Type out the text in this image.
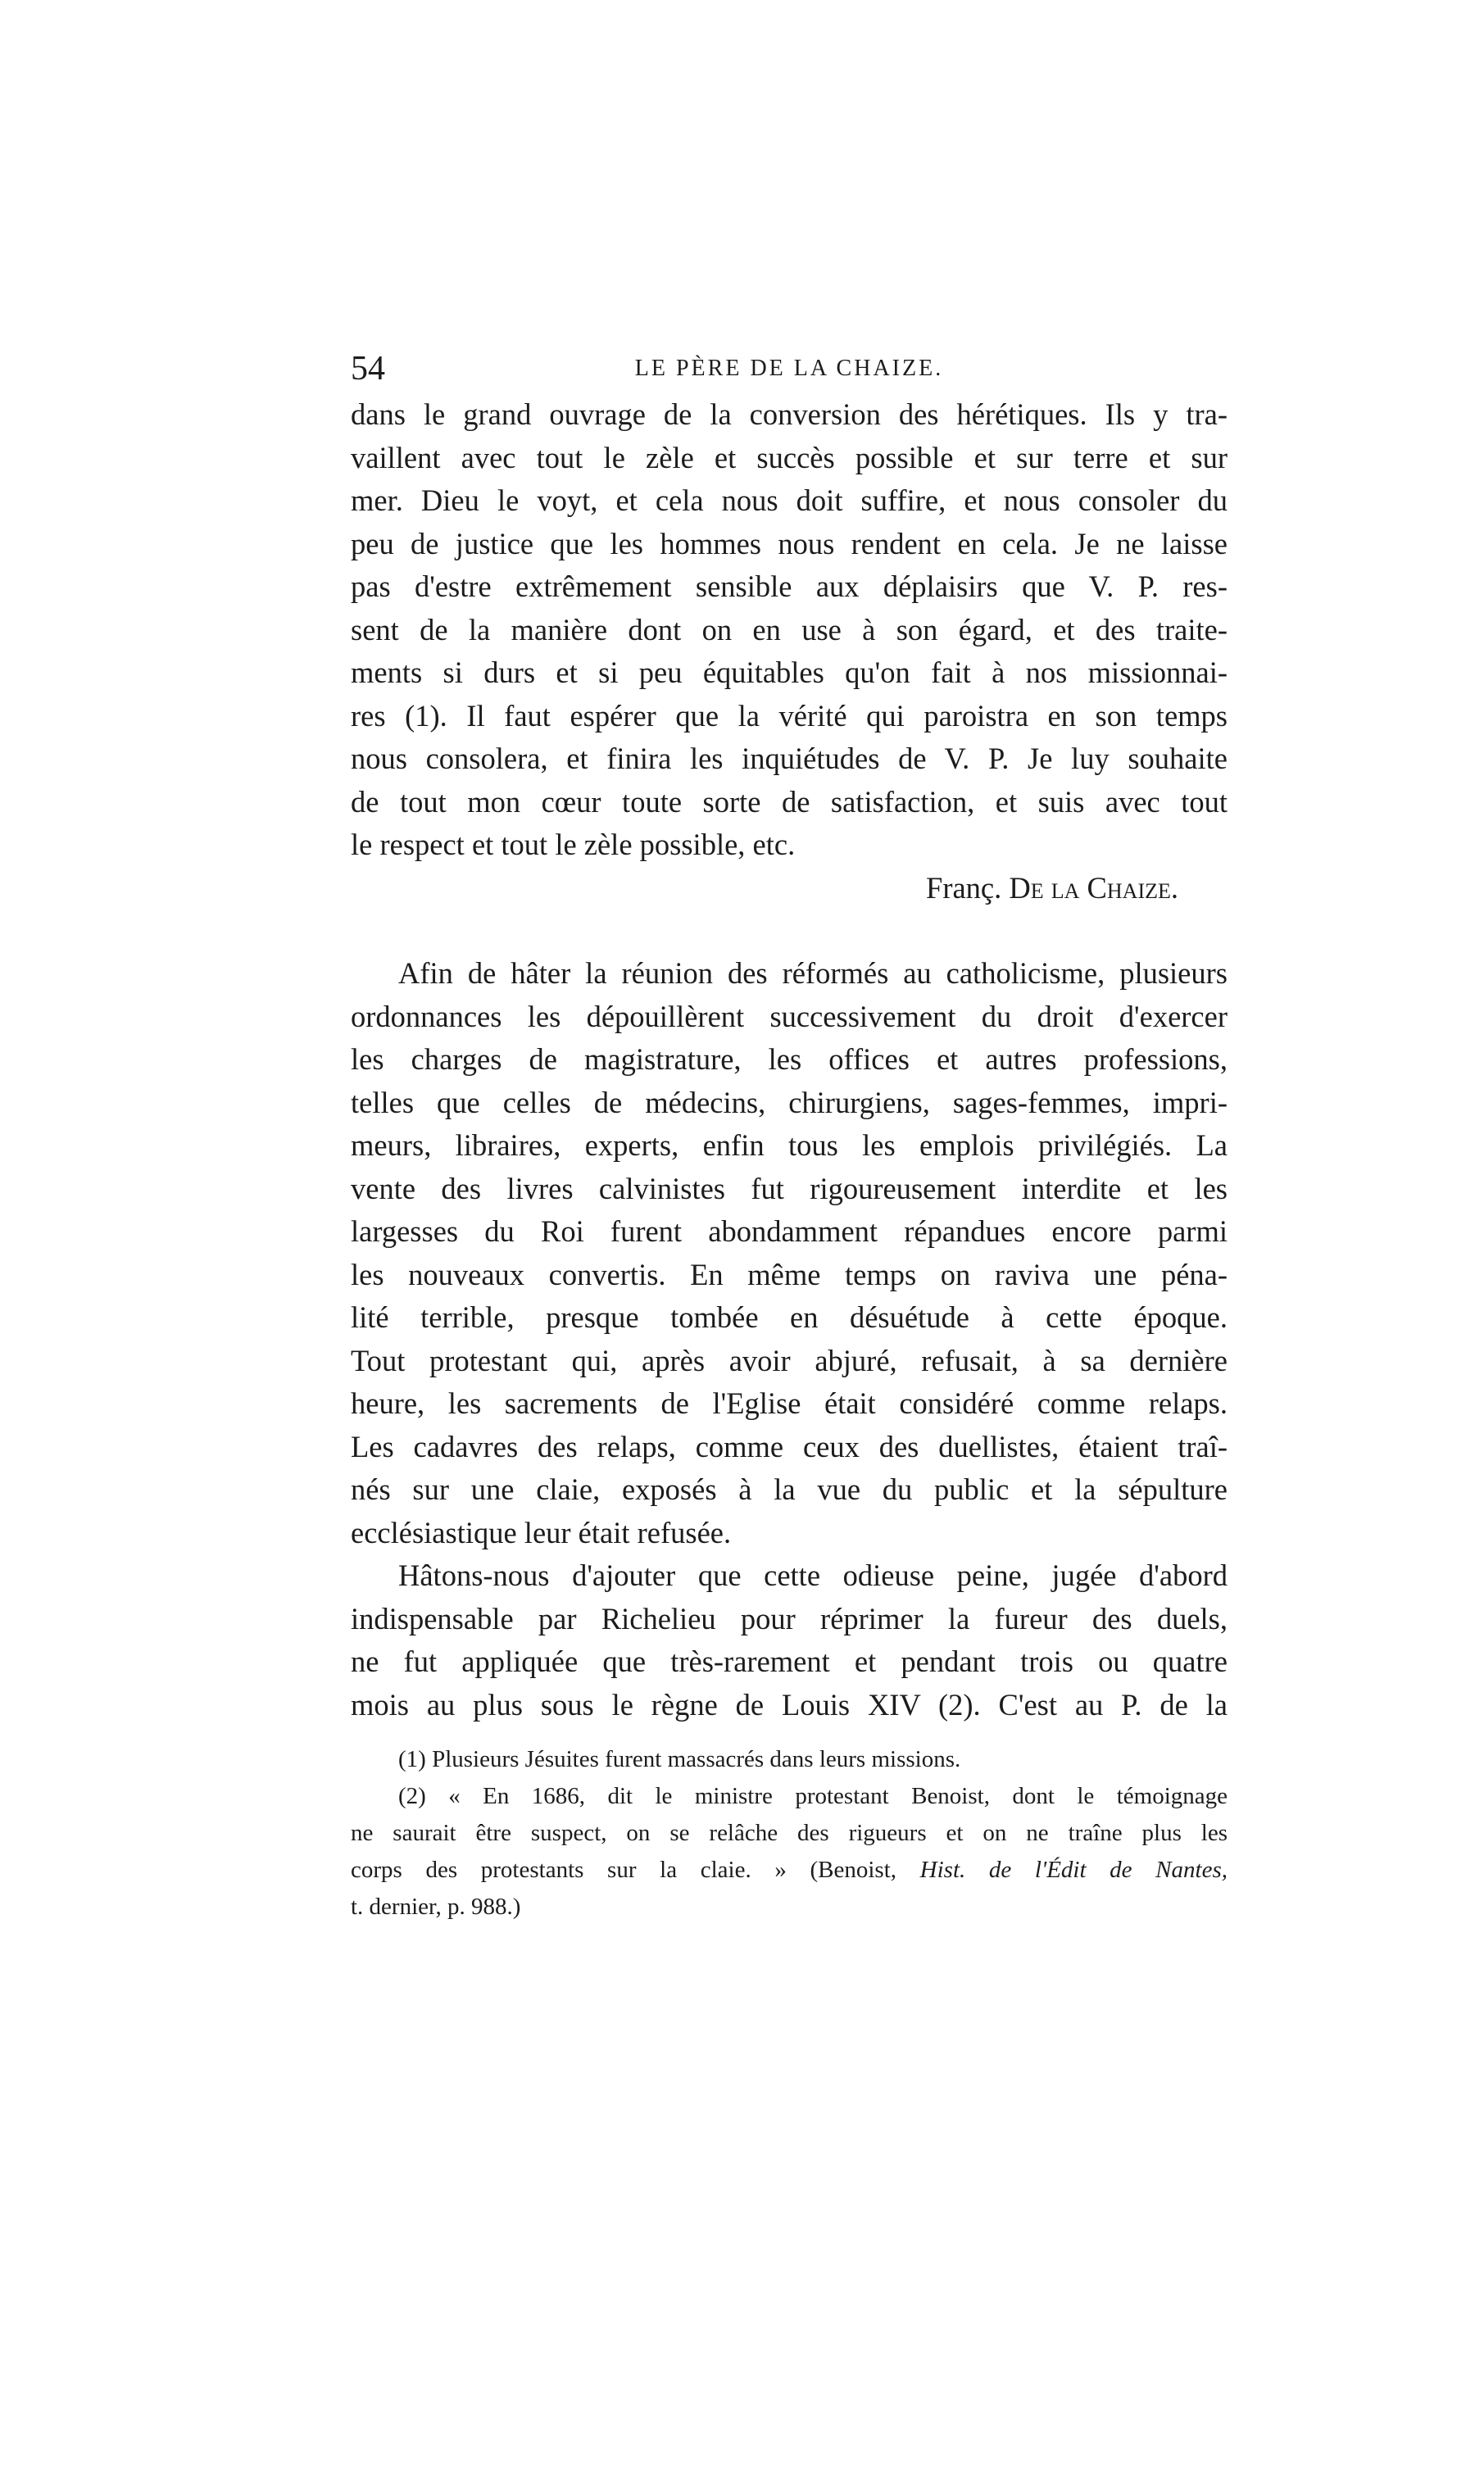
54	LE PÈRE DE LA CHAIZE.
dans le grand ouvrage de la conversion des hérétiques. Ils y tra-
vaillent avec tout le zèle et succès possible et sur terre et sur
mer. Dieu le voyt, et cela nous doit suffire, et nous consoler du
peu de justice que les hommes nous rendent en cela. Je ne laisse
pas d'estre extrêmement sensible aux déplaisirs que V. P. res-
sent de la manière dont on en use à son égard, et des traite-
ments si durs et si peu équitables qu'on fait à nos missionnai-
res (1). Il faut espérer que la vérité qui paroistra en son temps
nous consolera, et finira les inquiétudes de V. P. Je luy souhaite
de tout mon cœur toute sorte de satisfaction, et suis avec tout
le respect et tout le zèle possible, etc.
Franç. De la Chaize.
Afin de hâter la réunion des réformés au catholicisme, plusieurs
ordonnances les dépouillèrent successivement du droit d'exercer
les charges de magistrature, les offices et autres professions,
telles que celles de médecins, chirurgiens, sages-femmes, impri-
meurs, libraires, experts, enfin tous les emplois privilégiés. La
vente des livres calvinistes fut rigoureusement interdite et les
largesses du Roi furent abondamment répandues encore parmi
les nouveaux convertis. En même temps on raviva une péna-
lité terrible, presque tombée en désuétude à cette époque.
Tout protestant qui, après avoir abjuré, refusait, à sa dernière
heure, les sacrements de l'Eglise était considéré comme relaps.
Les cadavres des relaps, comme ceux des duellistes, étaient traî-
nés sur une claie, exposés à la vue du public et la sépulture
ecclésiastique leur était refusée.
Hâtons-nous d'ajouter que cette odieuse peine, jugée d'abord
indispensable par Richelieu pour réprimer la fureur des duels,
ne fut appliquée que très-rarement et pendant trois ou quatre
mois au plus sous le règne de Louis XIV (2). C'est au P. de la
(1) Plusieurs Jésuites furent massacrés dans leurs missions.
(2) « En 1686, dit le ministre protestant Benoist, dont le témoignage
ne saurait être suspect, on se relâche des rigueurs et on ne traîne plus les
corps des protestants sur la claie. » (Benoist, Hist. de l'Édit de Nantes,
t. dernier, p. 988.)
